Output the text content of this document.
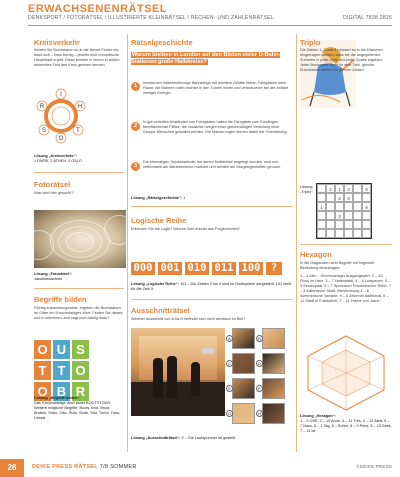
ERWACHSENENRÄTSEL
DENKSPORT / FOTORÄTSEL / ILLUSTRIERTE KLEINRÄTSEL / RECHEN- UND ZAHLENRÄTSEL	DIGITAL 7838 2826
Kreisverkehr
Setzen Sie Buchstaben so in die leeren Felder ein, dass sich – links-förmig – jeweils eine europäische Hauptstadt ergibt. Diese können in einem in außen stehendes Feld des Kreis gelesen werden.
I
R	H
S	T
O
Lösung „Kreisverkehr“:
1 PARIS, 2 ATHEN, 3 OSLO
Fotorätsel
Was wird hier gesucht?
Lösung „Fotorätsel“:
Jakobsmuscheln
Begriffe bilden
Richtig zusammengesetzt, ergeben die Buchstaben im Gitter ein 9-buchstabiges Wort. Finden Sie dieses und in welchem Land sagt man häufig dazu?
O U S
T T O
O B R
Lösung „Begriffe bilden“:
Das 9-buchstabige Wort lautet BOOTSTOUR. Weitere mögliche Begriffe: Boots, Brot, Brust, Bruttos, Ostro, Otto, Ruto, Sorte, Stur, Turbo, Tutor, Unrast…
Rätselgeschichte
Warum bleiben in London auf den Böden vieler U-Bahn-Stationen große Halbkreise?
1	Inzwischen halbkreisförmige Bahnsteige mit leichtem Gefälle bieten Fahrgästen mehr Raum; die Bahnen rollen leichter in den Tunnel hinein und verbrauchen bei der Anfahrt weniger Energie.
2
In gut verteilten Abständen von Fahrgästen halten die Fahrgäste zum Einsteigen bereitstehende Plätze, die zusätzlich wegen einer gleichmäßigen Verteilung einer Gruppe Menschen gestaltet werden. Die Markierungen dienen dabei der Orientierung.
3
Die ehemaligen Gepäckstände, bei denen Halbkreise angelegt wurden, sind nun mittlerweile als Wartebereiche markiert und werden als Sitzgelegenheiten genutzt.
Lösung „Rätselgeschichte“: 1
Triplo
Die Zahlen 1, 3 und 8 müssen so in die Kästchen eingetragen werden, dass sie die angegebenen Summen in jeder Zeile und jeder Spalte ergeben. Jeder Buchstabe steht für eine Zahl, gleiche Buchstaben stehen für gleiche Zahlen.
Lösung „Triplo“:	2	1	3	8
2	3
1	8
3
Logische Reihe
Erkennen Sie die Logik? Welche Zahl ersetzt das Fragezeichen?
000 001 010 011 100 ?
Lösung „Logische Reihe“: 101 – Die Zahlen 0 bis 4 sind im Dualsystem dargestellt. 101 steht für die Zahl 5.
Ausschnitträtsel
Welcher Ausschnitt von A bis H befindet sich nicht identisch im Bild?
A	B
C	D
E	F
G	H
Lösung „Ausschnitträtsel“: F – Die Lautsprecher ist gestellt.
Hexagon
In die Diagonalen sind Begriffe mit folgender Bedeutung einzutragen:
1 – 4 Alle… Gleichnamiger Ausgangswert, 2 – 10 Fluss im Harz, 3 – 7 Hafenstadt, 4 – 6 Lumpenen, 5 – 9 Sinnespaar, 5 – 7 Sprichwort Französischer Ritter, 7 – 3 Italienische Stadt, Bezeichnung 4 – 8 nummerische Variable, 9 – 5 Zeichnet Additional, 6 – 12 Stadt in Frankreich, 7 – 11 Frame von „kann“
Lösung „Hexagon“:
1 – 5 OSE, 2 – 10 Anne, 3 – 11 Tres, 4 – 12 Alert, 5 – 7 Nuss, 5 – 1 Tag, 6 – Suhre, 5 – 9 Prinz, 6 – 10 Sees, 7 – 11 Ist
26	DEIKE PRESS RÄTSEL 7/8 SOMMER	©DEIKE PRESS
